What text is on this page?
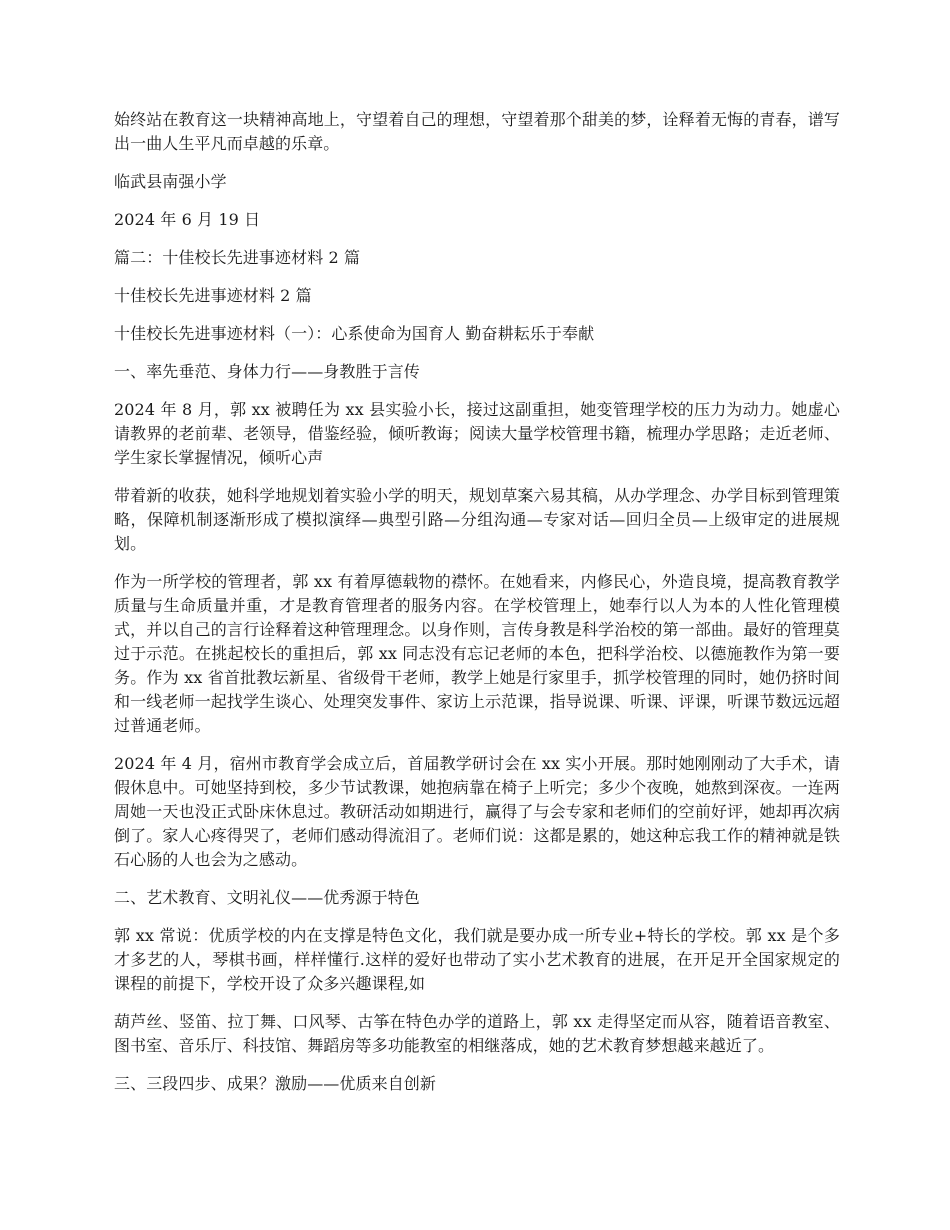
始终站在教育这一块精神高地上，守望着自己的理想，守望着那个甜美的梦，诠释着无悔的青春，谱写出一曲人生平凡而卓越的乐章。

临武县南强小学

2024 年 6 月 19 日

篇二：十佳校长先进事迹材料 2 篇

十佳校长先进事迹材料 2 篇

十佳校长先进事迹材料（一）：心系使命为国育人 勤奋耕耘乐于奉献

一、率先垂范、身体力行——身教胜于言传

2024 年 8 月，郭 xx 被聘任为 xx 县实验小长，接过这副重担，她变管理学校的压力为动力。她虚心请教界的老前辈、老领导，借鉴经验，倾听教诲；阅读大量学校管理书籍，梳理办学思路；走近老师、学生家长掌握情况，倾听心声

带着新的收获，她科学地规划着实验小学的明天，规划草案六易其稿，从办学理念、办学目标到管理策略，保障机制逐渐形成了模拟演绎—典型引路—分组沟通—专家对话—回归全员—上级审定的进展规划。

作为一所学校的管理者，郭 xx 有着厚德载物的襟怀。在她看来，内修民心，外造良境，提高教育教学质量与生命质量并重，才是教育管理者的服务内容。在学校管理上，她奉行以人为本的人性化管理模式，并以自己的言行诠释着这种管理理念。以身作则，言传身教是科学治校的第一部曲。最好的管理莫过于示范。在挑起校长的重担后，郭 xx 同志没有忘记老师的本色，把科学治校、以德施教作为第一要务。作为 xx 省首批教坛新星、省级骨干老师，教学上她是行家里手，抓学校管理的同时，她仍挤时间和一线老师一起找学生谈心、处理突发事件、家访上示范课，指导说课、听课、评课，听课节数远远超过普通老师。

2024 年 4 月，宿州市教育学会成立后，首届教学研讨会在 xx 实小开展。那时她刚刚动了大手术，请假休息中。可她坚持到校，多少节试教课，她抱病靠在椅子上听完；多少个夜晚，她熬到深夜。一连两周她一天也没正式卧床休息过。教研活动如期进行，赢得了与会专家和老师们的空前好评，她却再次病倒了。家人心疼得哭了，老师们感动得流泪了。老师们说：这都是累的，她这种忘我工作的精神就是铁石心肠的人也会为之感动。

二、艺术教育、文明礼仪——优秀源于特色

郭 xx 常说：优质学校的内在支撑是特色文化，我们就是要办成一所专业+特长的学校。郭 xx 是个多才多艺的人，琴棋书画，样样懂行.这样的爱好也带动了实小艺术教育的进展，在开足开全国家规定的课程的前提下，学校开设了众多兴趣课程,如

葫芦丝、竖笛、拉丁舞、口风琴、古筝在特色办学的道路上，郭 xx 走得坚定而从容，随着语音教室、图书室、音乐厅、科技馆、舞蹈房等多功能教室的相继落成，她的艺术教育梦想越来越近了。

三、三段四步、成果？激励——优质来自创新
